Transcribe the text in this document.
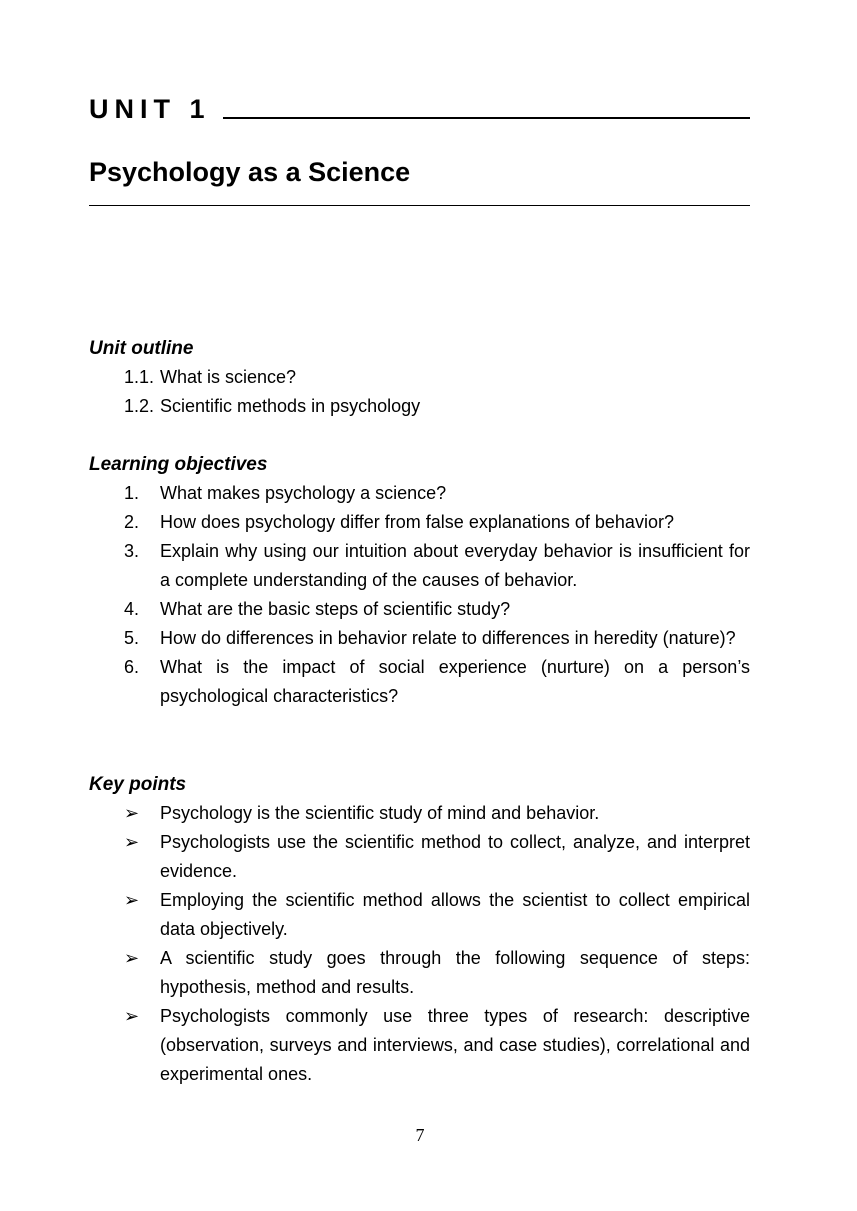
UNIT 1
Psychology as a Science
Unit outline
1.1. What is science?
1.2. Scientific methods in psychology
Learning objectives
1.	What makes psychology a science?
2.	How does psychology differ from false explanations of behavior?
3.	Explain why using our intuition about everyday behavior is insufficient for a complete understanding of the causes of behavior.
4.	What are the basic steps of scientific study?
5.	How do differences in behavior relate to differences in heredity (nature)?
6.	What is the impact of social experience (nurture) on a person’s psychological characteristics?
Key points
➢	Psychology is the scientific study of mind and behavior.
➢	Psychologists use the scientific method to collect, analyze, and interpret evidence.
➢	Employing the scientific method allows the scientist to collect empirical data objectively.
➢	A scientific study goes through the following sequence of steps: hypothesis, method and results.
➢	Psychologists commonly use three types of research: descriptive (observation, surveys and interviews, and case studies), correlational and experimental ones.
7
